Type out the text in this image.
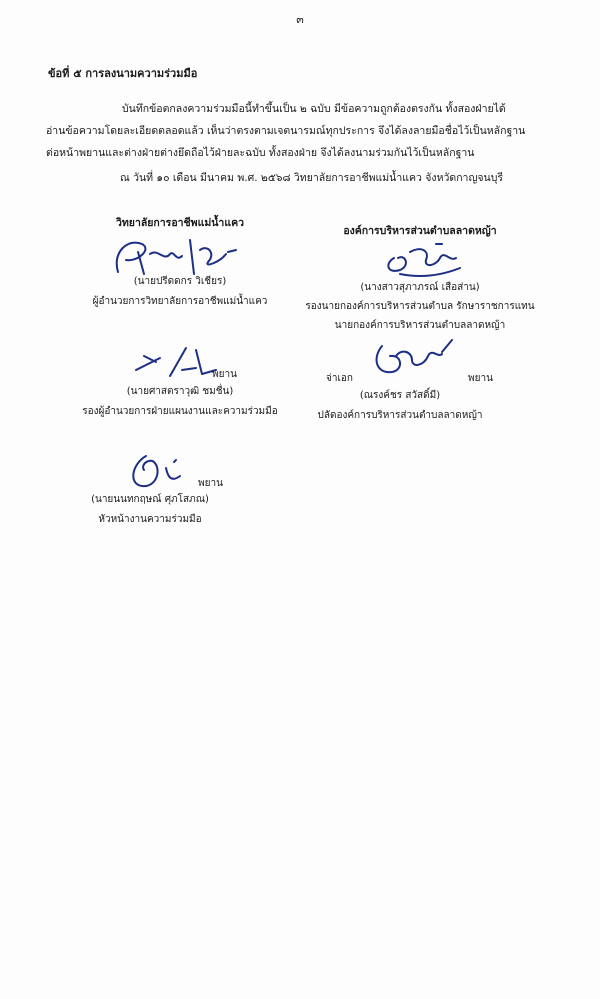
๓
ข้อที่ ๕ การลงนามความร่วมมือ
บันทึกข้อตกลงความร่วมมือนี้ทำขึ้นเป็น ๒ ฉบับ มีข้อความถูกต้องตรงกัน ทั้งสองฝ่ายได้
อ่านข้อความโดยละเอียดตลอดแล้ว เห็นว่าตรงตามเจตนารมณ์ทุกประการ จึงได้ลงลายมือชื่อไว้เป็นหลักฐาน
ต่อหน้าพยานและต่างฝ่ายต่างยึดถือไว้ฝ่ายละฉบับ ทั้งสองฝ่าย จึงได้ลงนามร่วมกันไว้เป็นหลักฐาน
ณ วันที่ ๑๐ เดือน มีนาคม พ.ศ. ๒๕๖๘ วิทยาลัยการอาชีพแม่น้ำแคว จังหวัดกาญจนบุรี
วิทยาลัยการอาชีพแม่น้ำแคว
(นายปรีดดกร วิเชียร)
ผู้อำนวยการวิทยาลัยการอาชีพแม่น้ำแคว
องค์การบริหารส่วนตำบลลาดหญ้า
(นางสาวสุภาภรณ์ เสือส่าน)
รองนายกองค์การบริหารส่วนตำบล รักษาราชการแทน
นายกองค์การบริหารส่วนตำบลลาดหญ้า
พยาน
(นายศาสตราวุฒิ ชมชื่น)
รองผู้อำนวยการฝ่ายแผนงานและความร่วมมือ
จ่าเอก	พยาน
(ณรงค์ชร สวัสดิ์มี)
ปลัดองค์การบริหารส่วนตำบลลาดหญ้า
พยาน
(นายนนทกฤษณ์ ศุภโสภณ)
หัวหน้างานความร่วมมือ
